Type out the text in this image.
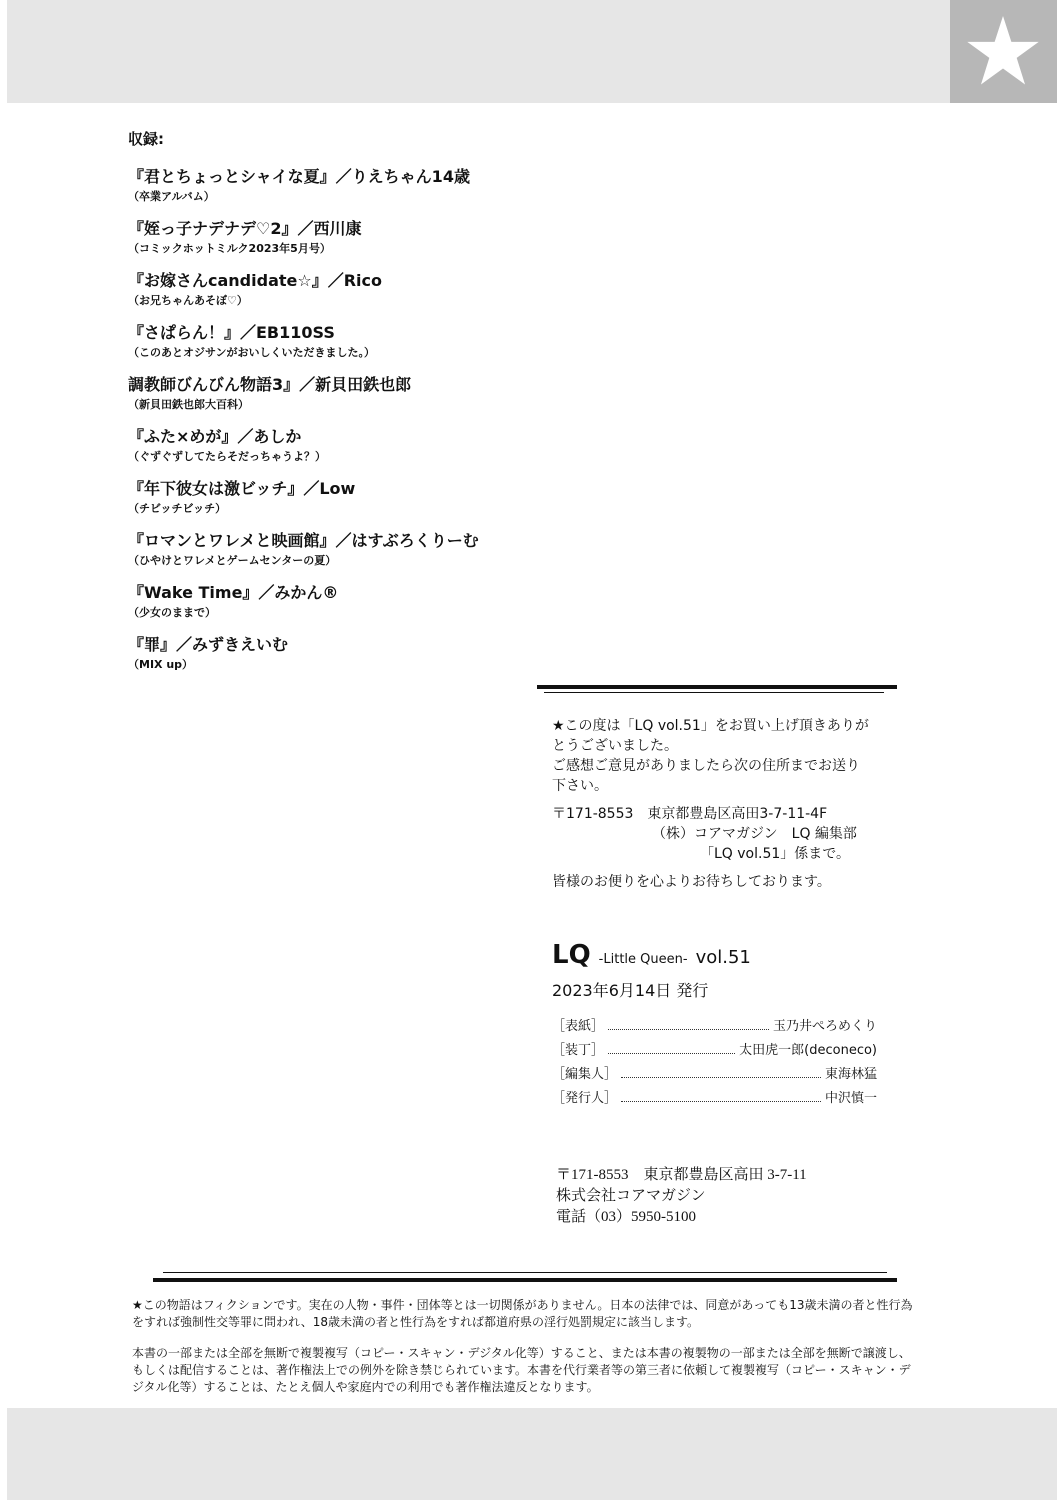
収録:
『君とちょっとシャイな夏』／りえちゃん14歳
（卒業アルバム）
『姪っ子ナデナデ♡2』／西川康
（コミックホットミルク2023年5月号）
『お嫁さんcandidate☆』／Rico
（お兄ちゃんあそぼ♡）
『さぱらん！』／EB110SS
（このあとオジサンがおいしくいただきました。）
調教師びんびん物語3』／新貝田鉄也郎
（新貝田鉄也郎大百科）
『ふた×めが』／あしか
（ぐずぐずしてたらそだっちゃうよ？）
『年下彼女は激ビッチ』／Low
（チビッチビッチ）
『ロマンとワレメと映画館』／はすぶろくりーむ
（ひやけとワレメとゲームセンターの夏）
『Wake Time』／みかん®
（少女のままで）
『罪』／みずきえいむ
（MIX up）

★この度は「LQ vol.51」をお買い上げ頂きありが

とうございました。

ご感想ご意見がありましたら次の住所までお送り

下さい。

〒171-8553　東京都豊島区高田3-7-11-4F

（株）コアマガジン　LQ 編集部

「LQ vol.51」係まで。

皆様のお便りを心よりお待ちしております。

LQ -Little Queen- vol.51
2023年6月14日 発行
［表紙］	玉乃井ぺろめくり
［装丁］	太田虎一郎(deconeco)
［編集人］	東海林猛
［発行人］	中沢慎一
〒171-8553　東京都豊島区高田 3-7-11
株式会社コアマガジン
電話（03）5950-5100

★この物語はフィクションです。実在の人物・事件・団体等とは一切関係がありません。日本の法律では、同意があっても13歳未満の者と性行為をすれば強制性交等罪に問われ、18歳未満の者と性行為をすれば都道府県の淫行処罰規定に該当します。

本書の一部または全部を無断で複製複写（コピー・スキャン・デジタル化等）すること、または本書の複製物の一部または全部を無断で譲渡し、もしくは配信することは、著作権法上での例外を除き禁じられています。本書を代行業者等の第三者に依頼して複製複写（コピー・スキャン・デジタル化等）することは、たとえ個人や家庭内での利用でも著作権法違反となります。
